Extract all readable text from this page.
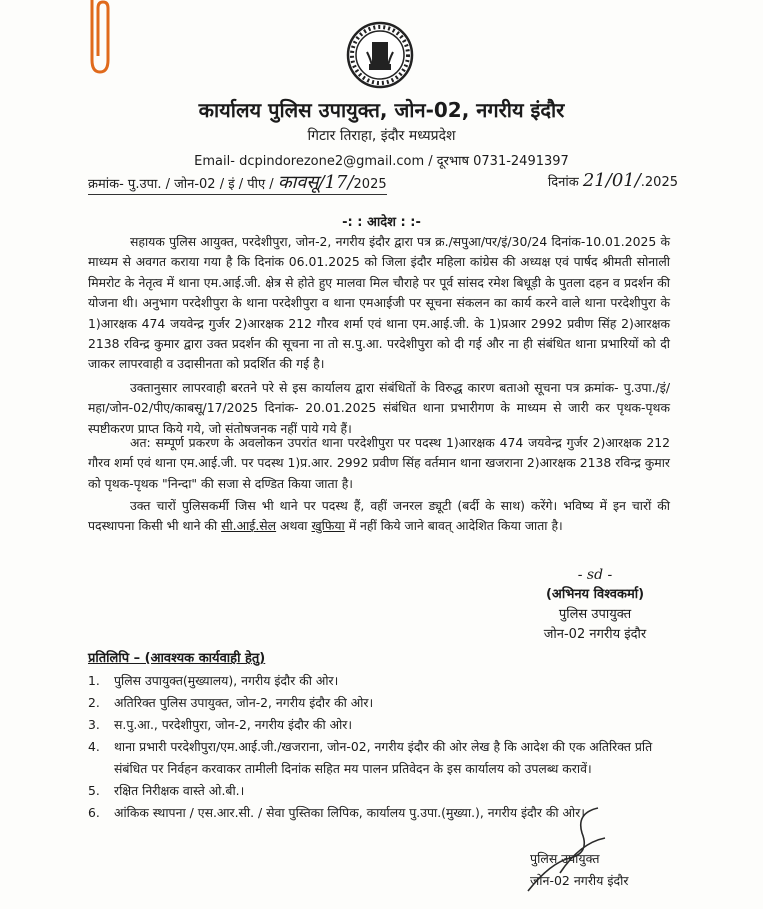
कार्यालय पुलिस उपायुक्त, जोन-02, नगरीय इंदौर
गिटार तिराहा, इंदौर मध्यप्रदेश
Email- dcpindorezone2@gmail.com / दूरभाष 0731-2491397
क्रमांक- पु.उपा. / जोन-02 / इं / पीए / कावसू/17/2025	दिनांक 21/01/.2025
-: : आदेश : :-
सहायक पुलिस आयुक्त, परदेशीपुरा, जोन-2, नगरीय इंदौर द्वारा पत्र क्र./सपुआ/पर/इं/30/24 दिनांक-10.01.2025 के माध्यम से अवगत कराया गया है कि दिनांक 06.01.2025 को जिला इंदौर महिला कांग्रेस की अध्यक्ष एवं पार्षद श्रीमती सोनाली मिमरोट के नेतृत्व में थाना एम.आई.जी. क्षेत्र से होते हुए मालवा मिल चौराहे पर पूर्व सांसद रमेश बिधूड़ी के पुतला दहन व प्रदर्शन की योजना थी। अनुभाग परदेशीपुरा के थाना परदेशीपुरा व थाना एमआईजी पर सूचना संकलन का कार्य करने वाले थाना परदेशीपुरा के 1)आरक्षक 474 जयवेन्द्र गुर्जर 2)आरक्षक 212 गौरव शर्मा एवं थाना एम.आई.जी. के 1)प्रआर 2992 प्रवीण सिंह 2)आरक्षक 2138 रविन्द्र कुमार द्वारा उक्त प्रदर्शन की सूचना ना तो स.पु.आ. परदेशीपुरा को दी गई और ना ही संबंधित थाना प्रभारियों को दी जाकर लापरवाही व उदासीनता को प्रदर्शित की गई है।
उक्तानुसार लापरवाही बरतने परे से इस कार्यालय द्वारा संबंधितों के विरुद्ध कारण बताओ सूचना पत्र क्रमांक- पु.उपा./इं/महा/जोन-02/पीए/काबसू/17/2025 दिनांक- 20.01.2025 संबंधित थाना प्रभारीगण के माध्यम से जारी कर पृथक-पृथक स्पष्टीकरण प्राप्त किये गये, जो संतोषजनक नहीं पाये गये हैं।
अत: सम्पूर्ण प्रकरण के अवलोकन उपरांत थाना परदेशीपुरा पर पदस्थ 1)आरक्षक 474 जयवेन्द्र गुर्जर 2)आरक्षक 212 गौरव शर्मा एवं थाना एम.आई.जी. पर पदस्थ 1)प्र.आर. 2992 प्रवीण सिंह वर्तमान थाना खजराना 2)आरक्षक 2138 रविन्द्र कुमार को पृथक-पृथक "निन्दा" की सजा से दण्डित किया जाता है।
उक्त चारों पुलिसकर्मी जिस भी थाने पर पदस्थ हैं, वहीं जनरल ड्यूटी (बर्दी के साथ) करेंगे। भविष्य में इन चारों की पदस्थापना किसी भी थाने की सी.आई.सेल अथवा खुफिया में नहीं किये जाने बावत् आदेशित किया जाता है।
- sd -
(अभिनय विश्वकर्मा)
पुलिस उपायुक्त
जोन-02 नगरीय इंदौर
प्रतिलिपि – (आवश्यक कार्यवाही हेतु)
1.	पुलिस उपायुक्त(मुख्यालय), नगरीय इंदौर की ओर।
2.	अतिरिक्त पुलिस उपायुक्त, जोन-2, नगरीय इंदौर की ओर।
3.	स.पु.आ., परदेशीपुरा, जोन-2, नगरीय इंदौर की ओर।
4.	थाना प्रभारी परदेशीपुरा/एम.आई.जी./खजराना, जोन-02, नगरीय इंदौर की ओर लेख है कि आदेश की एक अतिरिक्त प्रति संबंधित पर निर्वहन करवाकर तामीली दिनांक सहित मय पालन प्रतिवेदन के इस कार्यालय को उपलब्ध करावें।
5.	रक्षित निरीक्षक वास्ते ओ.बी.।
6.	आंकिक स्थापना / एस.आर.सी. / सेवा पुस्तिका लिपिक, कार्यालय पु.उपा.(मुख्या.), नगरीय इंदौर की ओर।
पुलिस उपायुक्त
जोन-02 नगरीय इंदौर
